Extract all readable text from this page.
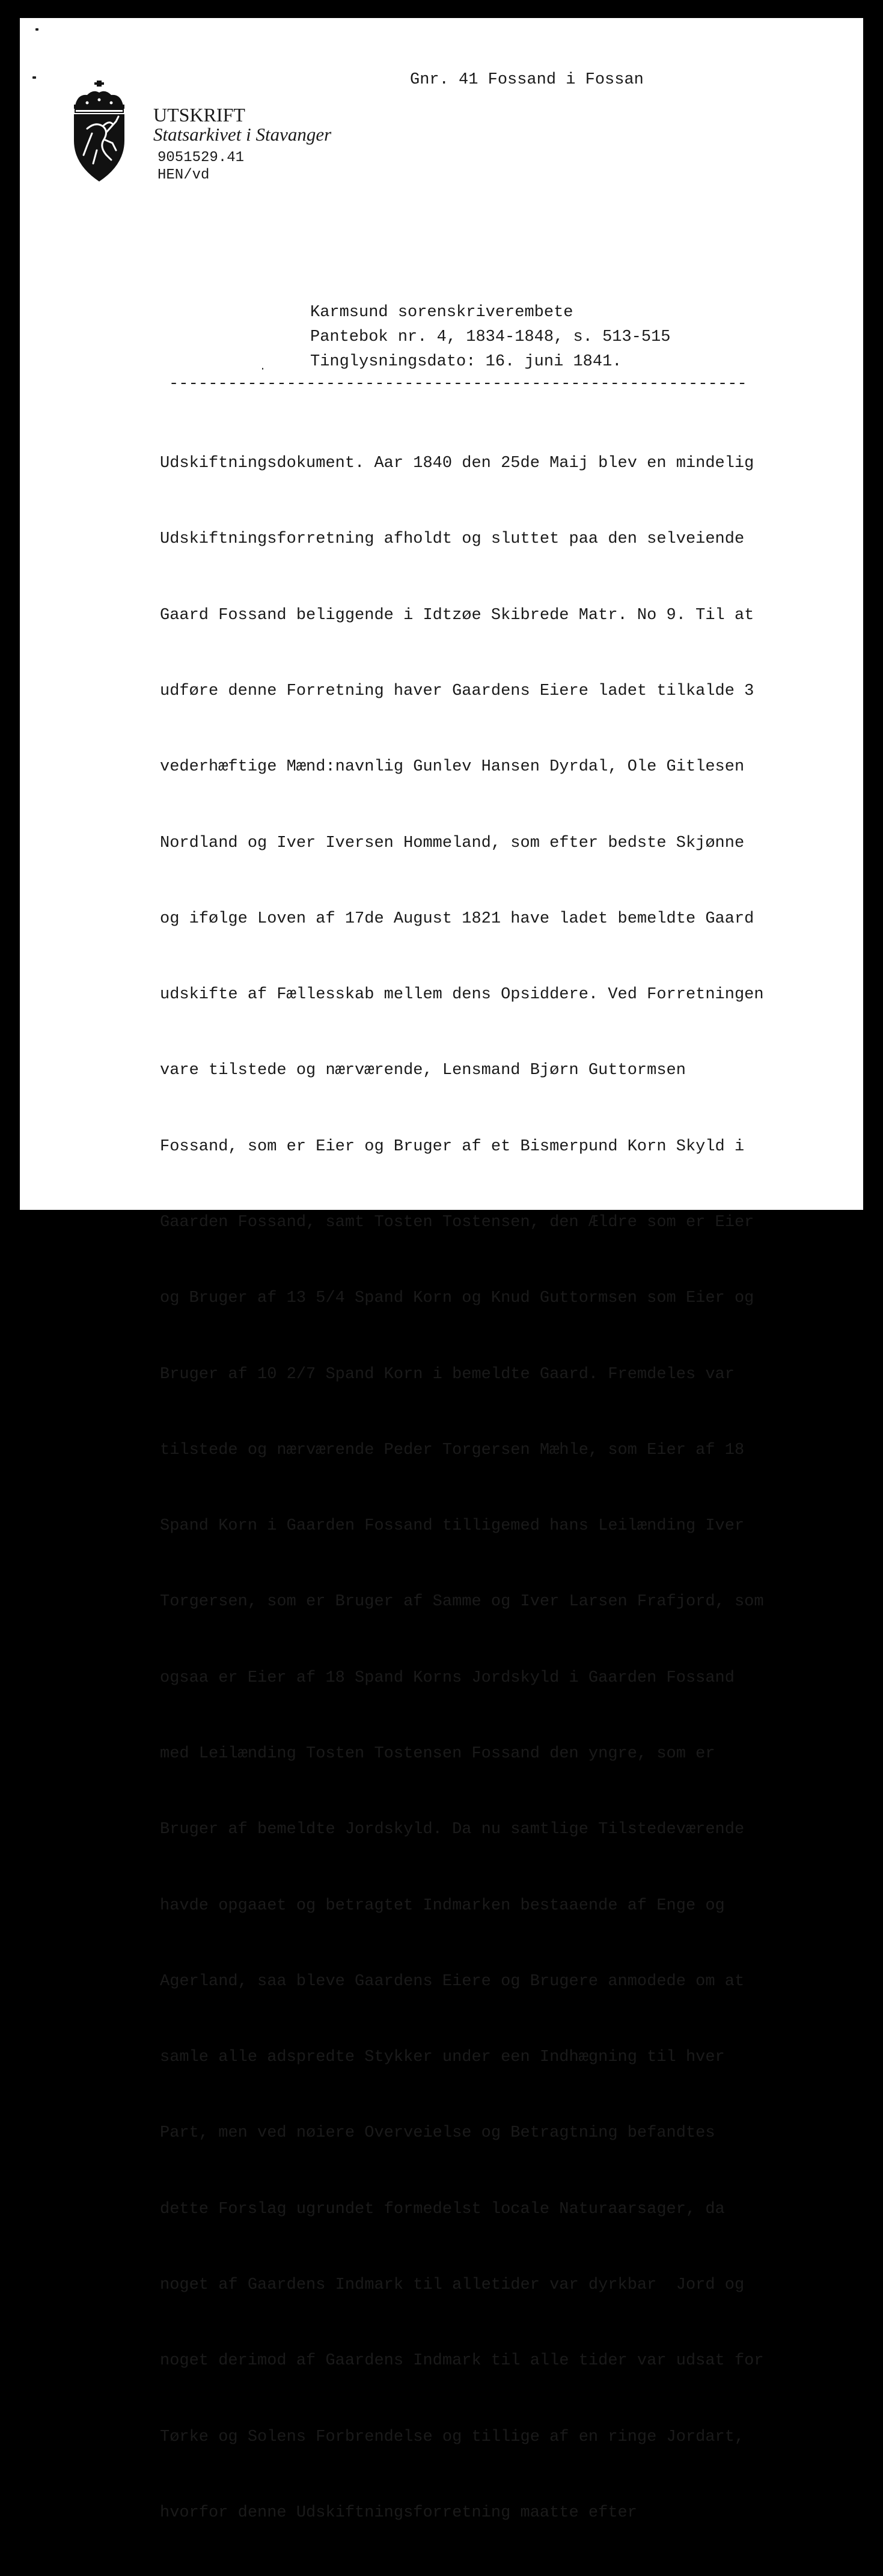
Gnr. 41 Fossand i Fossan
UTSKRIFT
Statsarkivet i Stavanger
9051529.41
HEN/vd
Karmsund sorenskriverembete
Pantebok nr. 4, 1834-1848, s. 513-515
Tinglysningsdato: 16. juni 1841.
-----------------------------------------------------------

Udskiftningsdokument. Aar 1840 den 25de Maij blev en mindelig

Udskiftningsforretning afholdt og sluttet paa den selveiende

Gaard Fossand beliggende i Idtzøe Skibrede Matr. No 9. Til at

udføre denne Forretning haver Gaardens Eiere ladet tilkalde 3

vederhæftige Mænd:navnlig Gunlev Hansen Dyrdal, Ole Gitlesen

Nordland og Iver Iversen Hommeland, som efter bedste Skjønne

og ifølge Loven af 17de August 1821 have ladet bemeldte Gaard

udskifte af Fællesskab mellem dens Opsiddere. Ved Forretningen

vare tilstede og nærværende, Lensmand Bjørn Guttormsen

Fossand, som er Eier og Bruger af et Bismerpund Korn Skyld i

Gaarden Fossand, samt Tosten Tostensen, den Ældre som er Eier

og Bruger af 13 5/4 Spand Korn og Knud Guttormsen som Eier og

Bruger af 10 2/7 Spand Korn i bemeldte Gaard. Fremdeles var

tilstede og nærværende Peder Torgersen Mæhle, som Eier af 18

Spand Korn i Gaarden Fossand tilligemed hans Leilænding Iver

Torgersen, som er Bruger af Samme og Iver Larsen Frafjord, som

ogsaa er Eier af 18 Spand Korns Jordskyld i Gaarden Fossand

med Leilænding Tosten Tostensen Fossand den yngre, som er

Bruger af bemeldte Jordskyld. Da nu samtlige Tilstedeværende

havde opgaaet og betragtet Indmarken bestaaende af Enge og

Agerland, saa bleve Gaardens Eiere og Brugere anmodede om at

samle alle adspredte Stykker under een Indhægning til hver

Part, men ved nøiere Overveielse og Betragtning befandtes

dette Forslag ugrundet formedelst locale Naturaarsager, da

noget af Gaardens Indmark til alletider var dyrkbar  Jord og

noget derimod af Gaardens Indmark til alle tider var udsat for

Tørke og Solens Forbrendelse og tillige af en ringe Jordart,

hvorfor denne Udskiftningsforretning maatte efter
